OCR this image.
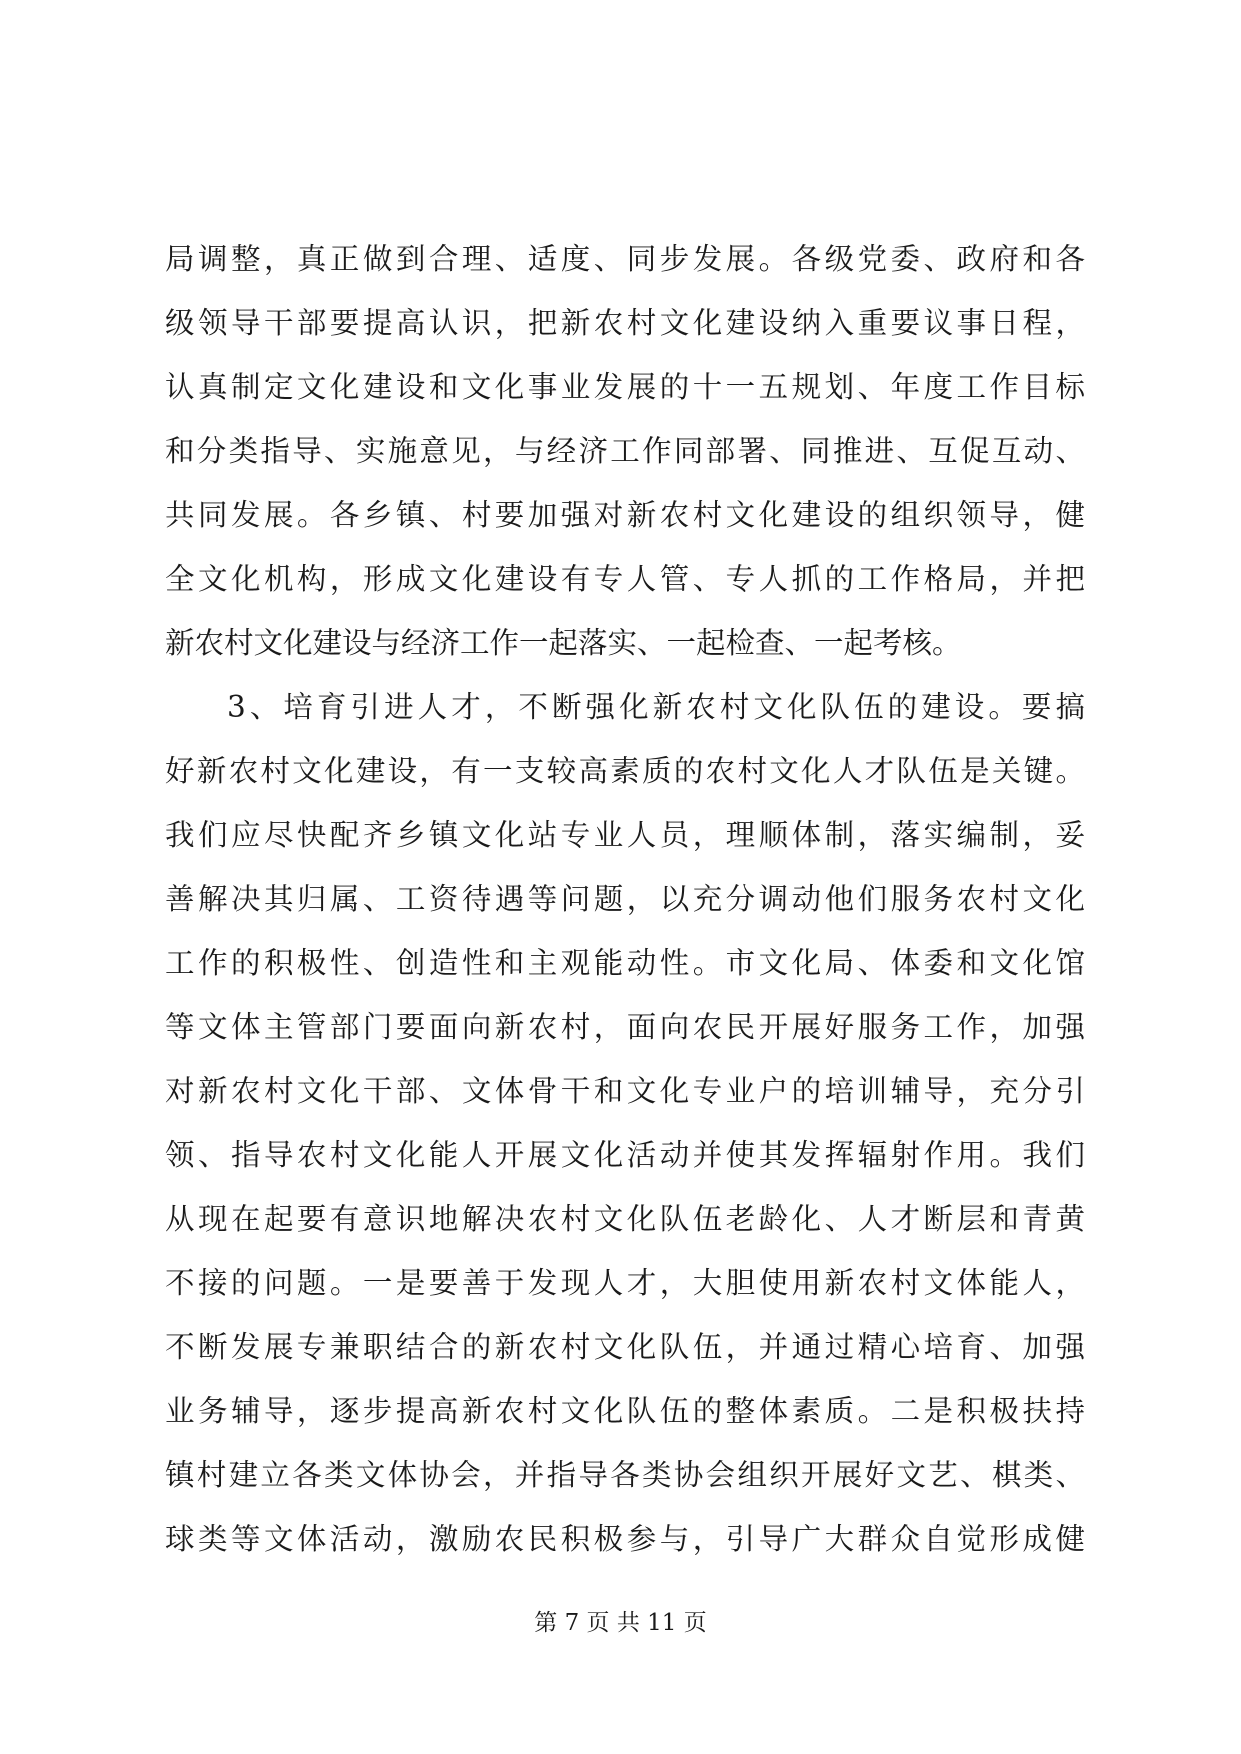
局调整，真正做到合理、适度、同步发展。各级党委、政府和各
级领导干部要提高认识，把新农村文化建设纳入重要议事日程，
认真制定文化建设和文化事业发展的十一五规划、年度工作目标
和分类指导、实施意见，与经济工作同部署、同推进、互促互动、
共同发展。各乡镇、村要加强对新农村文化建设的组织领导，健
全文化机构，形成文化建设有专人管、专人抓的工作格局，并把
新农村文化建设与经济工作一起落实、一起检查、一起考核。
3、培育引进人才，不断强化新农村文化队伍的建设。要搞
好新农村文化建设，有一支较高素质的农村文化人才队伍是关键。
我们应尽快配齐乡镇文化站专业人员，理顺体制，落实编制，妥
善解决其归属、工资待遇等问题，以充分调动他们服务农村文化
工作的积极性、创造性和主观能动性。市文化局、体委和文化馆
等文体主管部门要面向新农村，面向农民开展好服务工作，加强
对新农村文化干部、文体骨干和文化专业户的培训辅导，充分引
领、指导农村文化能人开展文化活动并使其发挥辐射作用。我们
从现在起要有意识地解决农村文化队伍老龄化、人才断层和青黄
不接的问题。一是要善于发现人才，大胆使用新农村文体能人，
不断发展专兼职结合的新农村文化队伍，并通过精心培育、加强
业务辅导，逐步提高新农村文化队伍的整体素质。二是积极扶持
镇村建立各类文体协会，并指导各类协会组织开展好文艺、棋类、
球类等文体活动，激励农民积极参与，引导广大群众自觉形成健
第 7 页 共 11 页
